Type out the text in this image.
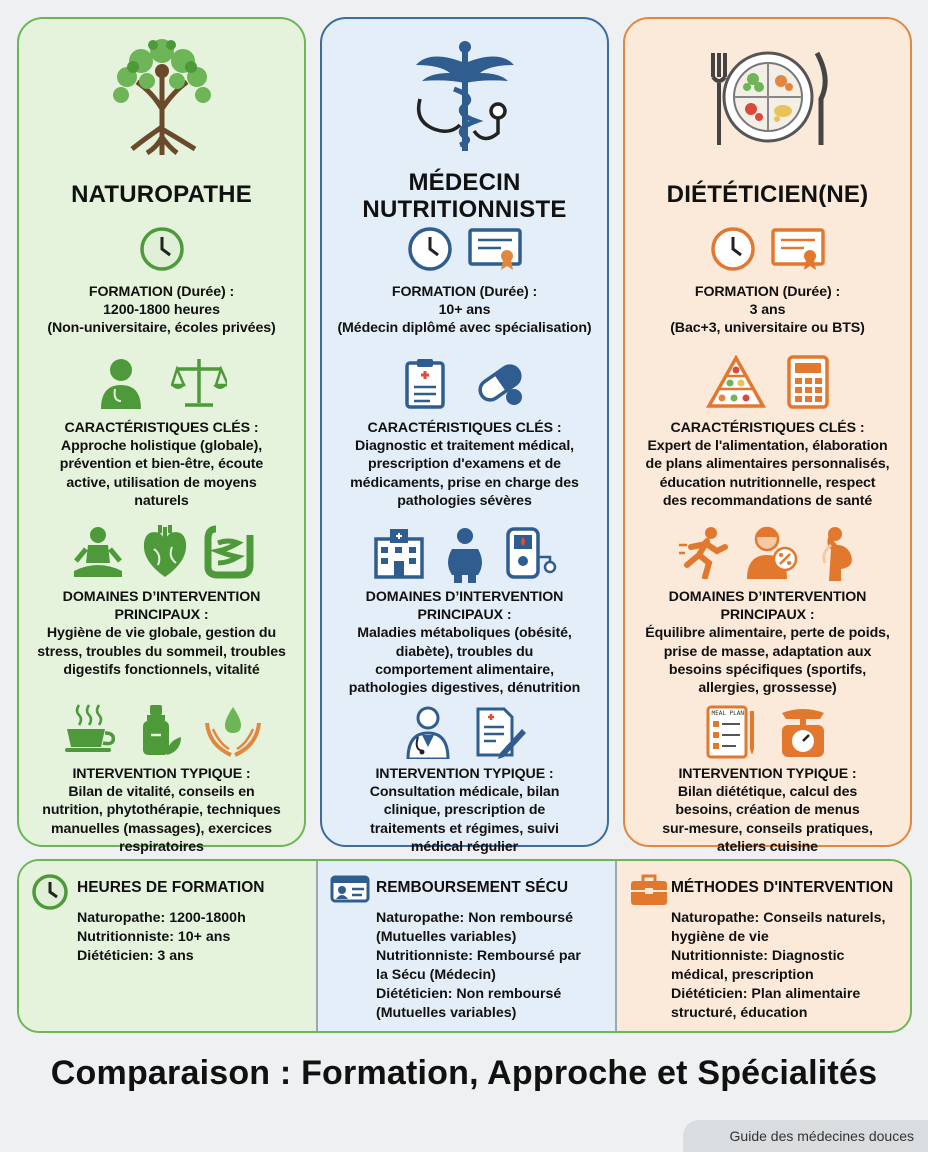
NATUROPATHE
FORMATION (Durée) :
1200-1800 heures
(Non-universitaire, écoles privées)
CARACTÉRISTIQUES CLÉS :
Approche holistique (globale),
prévention et bien-être, écoute
active, utilisation de moyens
naturels
DOMAINES D’INTERVENTION
PRINCIPAUX :
Hygiène de vie globale, gestion du
stress, troubles du sommeil, troubles
digestifs fonctionnels, vitalité
INTERVENTION TYPIQUE :
Bilan de vitalité, conseils en
nutrition, phytothérapie, techniques
manuelles (massages), exercices
respiratoires
MÉDECIN
NUTRITIONNISTE
FORMATION (Durée) :
10+ ans
(Médecin diplômé avec spécialisation)
CARACTÉRISTIQUES CLÉS :
Diagnostic et traitement médical,
prescription d'examens et de
médicaments, prise en charge des
pathologies sévères
DOMAINES D’INTERVENTION
PRINCIPAUX :
Maladies métaboliques (obésité,
diabète), troubles du
comportement alimentaire,
pathologies digestives, dénutrition
INTERVENTION TYPIQUE :
Consultation médicale, bilan
clinique, prescription de
traitements et régimes, suivi
médical régulier
DIÉTÉTICIEN(NE)
FORMATION (Durée) :
3 ans
(Bac+3, universitaire ou BTS)
CARACTÉRISTIQUES CLÉS :
Expert de l'alimentation, élaboration
de plans alimentaires personnalisés,
éducation nutritionnelle, respect
des recommandations de santé
DOMAINES D’INTERVENTION
PRINCIPAUX :
Équilibre alimentaire, perte de poids,
prise de masse, adaptation aux
besoins spécifiques (sportifs,
allergies, grossesse)
MEAL PLAN
INTERVENTION TYPIQUE :
Bilan diététique, calcul des
besoins, création de menus
sur-mesure, conseils pratiques,
ateliers cuisine
HEURES DE FORMATION
Naturopathe: 1200-1800h
Nutritionniste: 10+ ans
Diététicien: 3 ans
REMBOURSEMENT SÉCU
Naturopathe: Non remboursé
(Mutuelles variables)
Nutritionniste: Remboursé par
la Sécu (Médecin)
Diététicien: Non remboursé
(Mutuelles variables)
MÉTHODES D'INTERVENTION
Naturopathe: Conseils naturels,
hygiène de vie
Nutritionniste: Diagnostic
médical, prescription
Diététicien: Plan alimentaire
structuré, éducation
Comparaison : Formation, Approche et Spécialités
Guide des médecines douces
